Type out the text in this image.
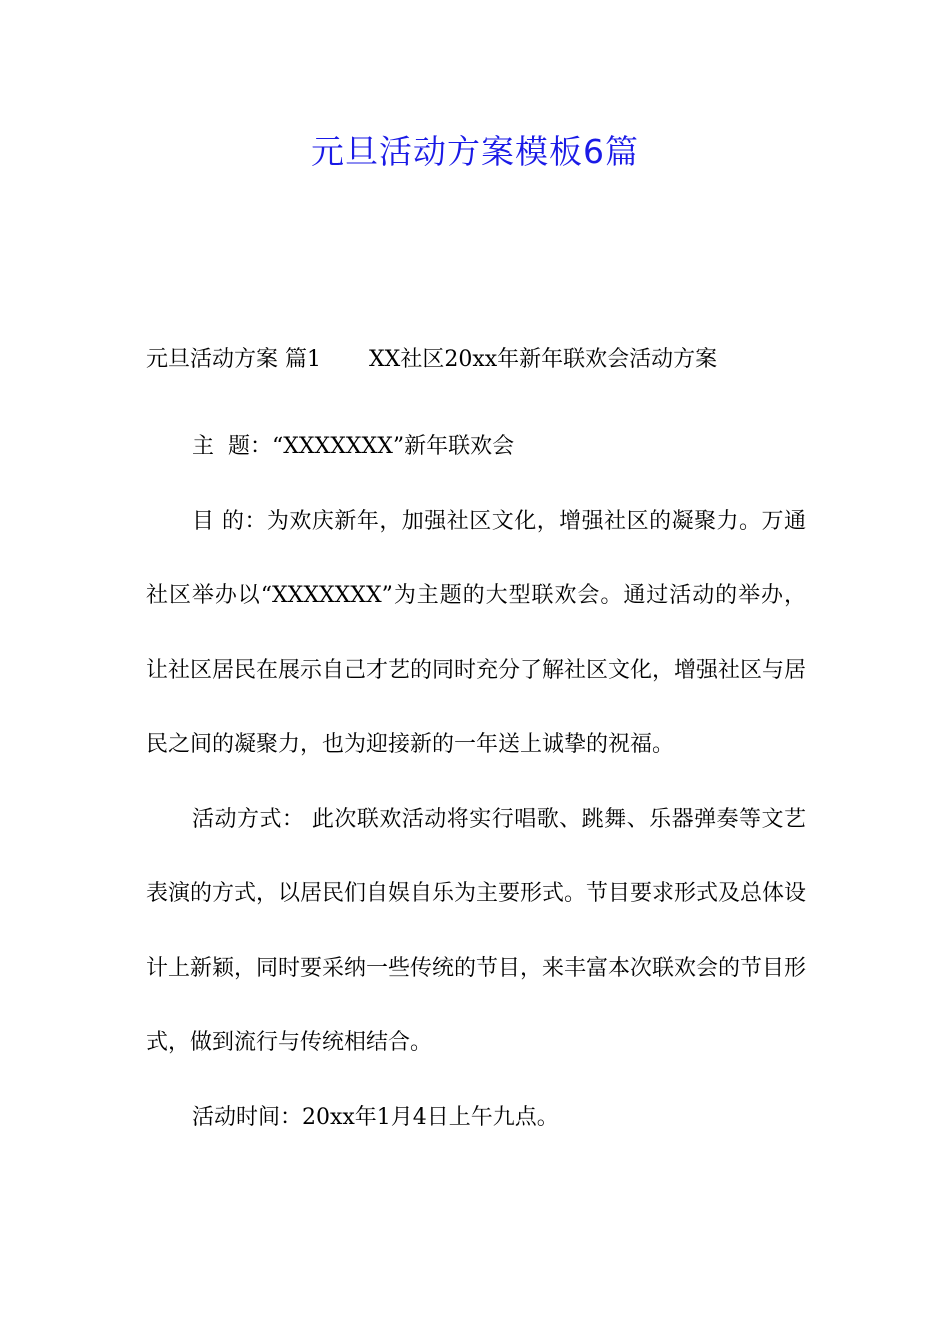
元旦活动方案模板6篇

元旦活动方案 篇1 XX社区20xx年新年联欢会活动方案

主  题：“XXXXXXX”新年联欢会

目 的：为欢庆新年，加强社区文化，增强社区的凝聚力。万通社区举办以“XXXXXXX”为主题的大型联欢会。通过活动的举办，让社区居民在展示自己才艺的同时充分了解社区文化，增强社区与居民之间的凝聚力，也为迎接新的一年送上诚挚的祝福。

活动方式： 此次联欢活动将实行唱歌、跳舞、乐器弹奏等文艺表演的方式，以居民们自娱自乐为主要形式。节目要求形式及总体设计上新颖，同时要采纳一些传统的节目，来丰富本次联欢会的节目形式，做到流行与传统相结合。

活动时间：20xx年1月4日上午九点。
